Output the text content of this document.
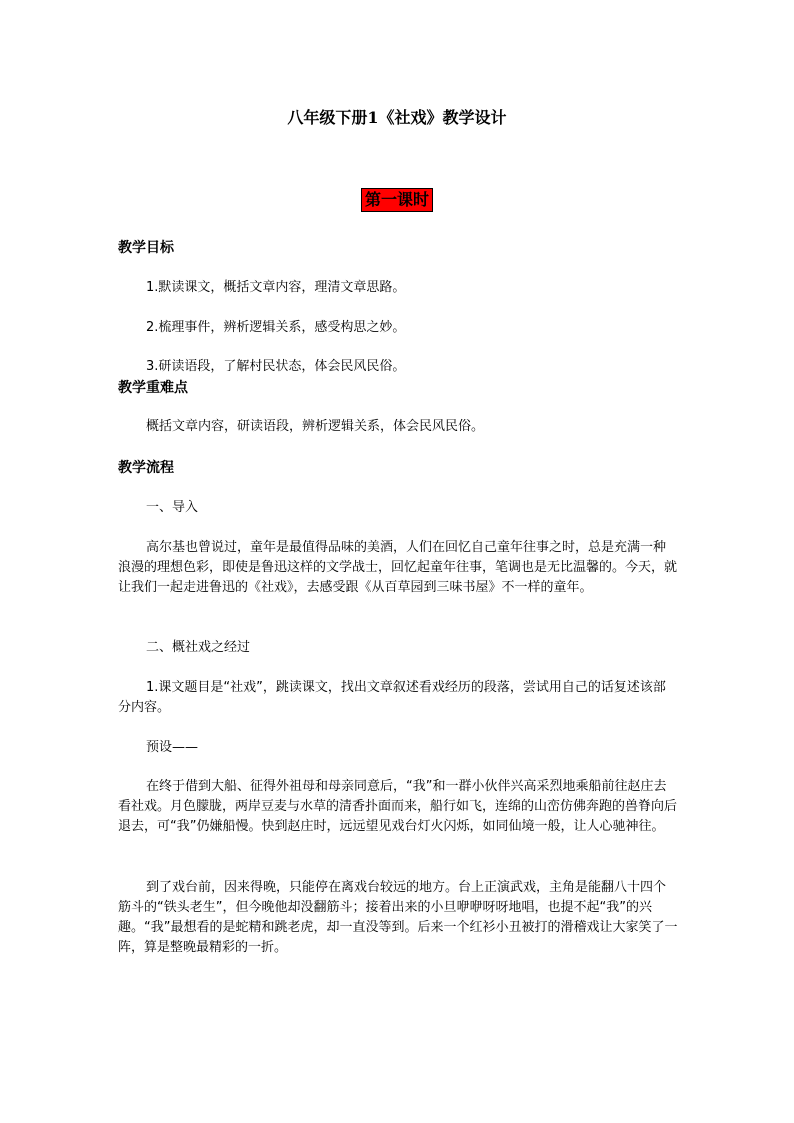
八年级下册1《社戏》教学设计
第一课时
教学目标

1.默读课文，概括文章内容，理清文章思路。

2.梳理事件，辨析逻辑关系，感受构思之妙。

3.研读语段，了解村民状态，体会民风民俗。

教学重难点

概括文章内容，研读语段，辨析逻辑关系，体会民风民俗。

教学流程

一、导入

高尔基也曾说过，童年是最值得品味的美酒，人们在回忆自己童年往事之时，总是充满一种浪漫的理想色彩，即使是鲁迅这样的文学战士，回忆起童年往事，笔调也是无比温馨的。今天，就让我们一起走进鲁迅的《社戏》，去感受跟《从百草园到三味书屋》不一样的童年。

二、概社戏之经过

1.课文题目是“社戏”，跳读课文，找出文章叙述看戏经历的段落，尝试用自己的话复述该部分内容。

预设——

在终于借到大船、征得外祖母和母亲同意后，“我”和一群小伙伴兴高采烈地乘船前往赵庄去看社戏。月色朦胧，两岸豆麦与水草的清香扑面而来，船行如飞，连绵的山峦仿佛奔跑的兽脊向后退去，可“我”仍嫌船慢。快到赵庄时，远远望见戏台灯火闪烁，如同仙境一般，让人心驰神往。

到了戏台前，因来得晚，只能停在离戏台较远的地方。台上正演武戏，主角是能翻八十四个筋斗的“铁头老生”，但今晚他却没翻筋斗；接着出来的小旦咿咿呀呀地唱，也提不起“我”的兴趣。“我”最想看的是蛇精和跳老虎，却一直没等到。后来一个红衫小丑被打的滑稽戏让大家笑了一阵，算是整晚最精彩的一折。
